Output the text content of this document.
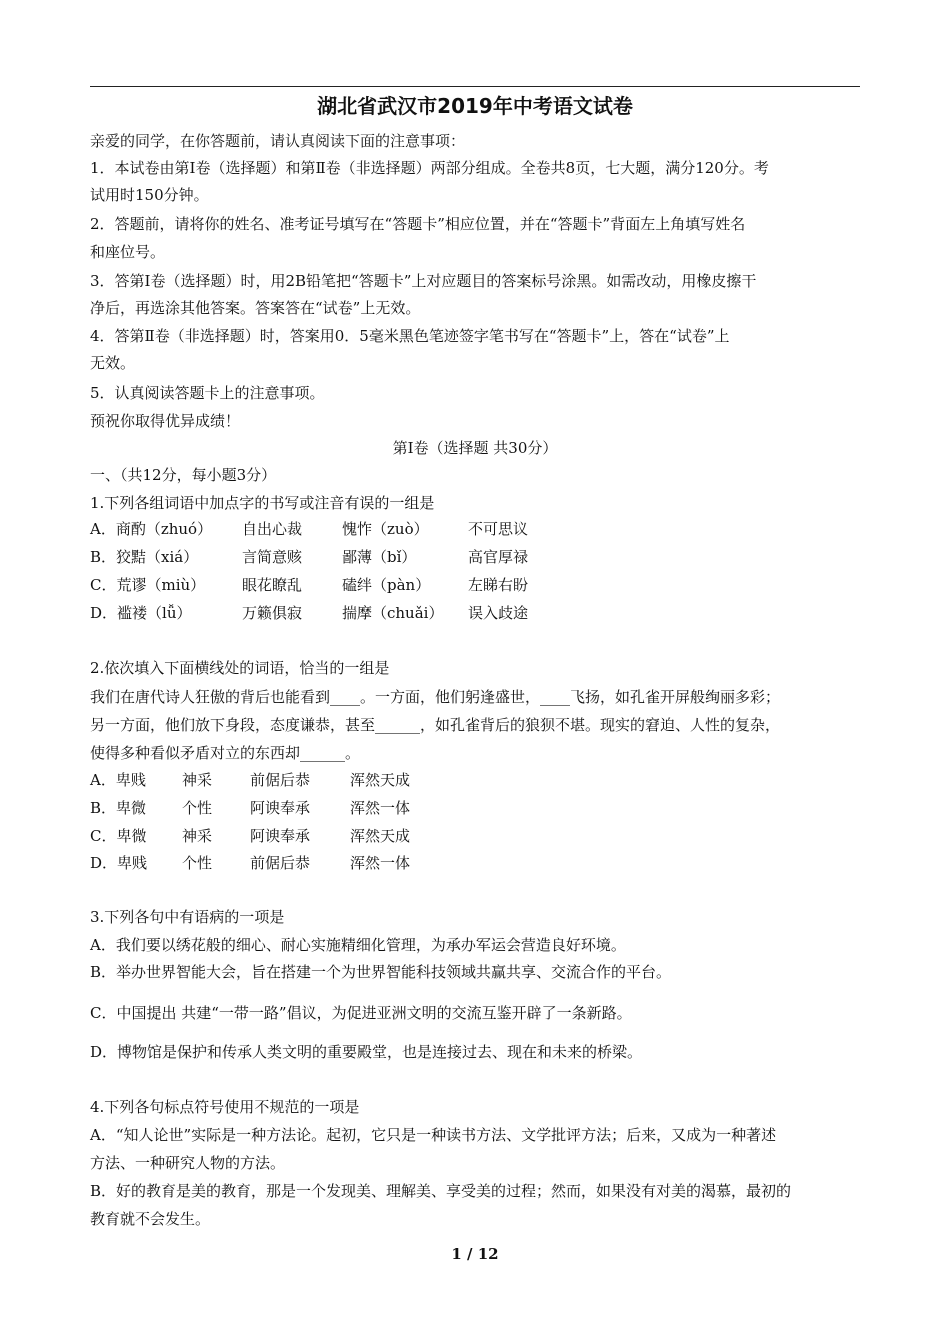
湖北省武汉市2019年中考语文试卷
亲爱的同学，在你答题前，请认真阅读下面的注意事项：
1．本试卷由第Ⅰ卷（选择题）和第Ⅱ卷（非选择题）两部分组成。全卷共8页，七大题，满分120分。考
试用时150分钟。
2．答题前，请将你的姓名、准考证号填写在“答题卡”相应位置，并在“答题卡”背面左上角填写姓名
和座位号。
3．答第Ⅰ卷（选择题）时，用2B铅笔把“答题卡”上对应题目的答案标号涂黑。如需改动，用橡皮擦干
净后，再选涂其他答案。答案答在“试卷”上无效。
4．答第Ⅱ卷（非选择题）时，答案用0．5毫米黑色笔迹签字笔书写在“答题卡”上，答在“试卷”上
无效。
5．认真阅读答题卡上的注意事项。
预祝你取得优异成绩！
第Ⅰ卷（选择题 共30分）
一、（共12分，每小题3分）
1.下列各组词语中加点字的书写或注音有误的一组是
A．商酌（zhuó） 自出心裁	愧怍（zuò）	不可思议
B．狡黠（xiá）	言简意赅	鄙薄（bǐ）	高官厚禄
C．荒谬（miù） 眼花瞭乱	磕绊（pàn）	左睇右盼
D．褴褛（lǚ）	万籁俱寂	揣摩（chuǎi） 误入歧途
2.依次填入下面横线处的词语，恰当的一组是
我们在唐代诗人狂傲的背后也能看到____。一方面，他们躬逢盛世，____飞扬，如孔雀开屏般绚丽多彩；
另一方面，他们放下身段，态度谦恭，甚至______，如孔雀背后的狼狈不堪。现实的窘迫、人性的复杂，
使得多种看似矛盾对立的东西却______。
A．卑贱 神采	前倨后恭	浑然天成
B．卑微 个性	阿谀奉承	浑然一体
C．卑微 神采	阿谀奉承	浑然天成
D．卑贱 个性	前倨后恭	浑然一体
3.下列各句中有语病的一项是
A．我们要以绣花般的细心、耐心实施精细化管理，为承办军运会营造良好环境。
B．举办世界智能大会，旨在搭建一个为世界智能科技领域共赢共享、交流合作的平台。
C．中国提出 共建“一带一路”倡议，为促进亚洲文明的交流互鉴开辟了一条新路。
D．博物馆是保护和传承人类文明的重要殿堂，也是连接过去、现在和未来的桥梁。
4.下列各句标点符号使用不规范的一项是
A．“知人论世”实际是一种方法论。起初，它只是一种读书方法、文学批评方法；后来，又成为一种著述
方法、一种研究人物的方法。
B．好的教育是美的教育，那是一个发现美、理解美、享受美的过程；然而，如果没有对美的渴慕，最初的
教育就不会发生。
1 / 12
